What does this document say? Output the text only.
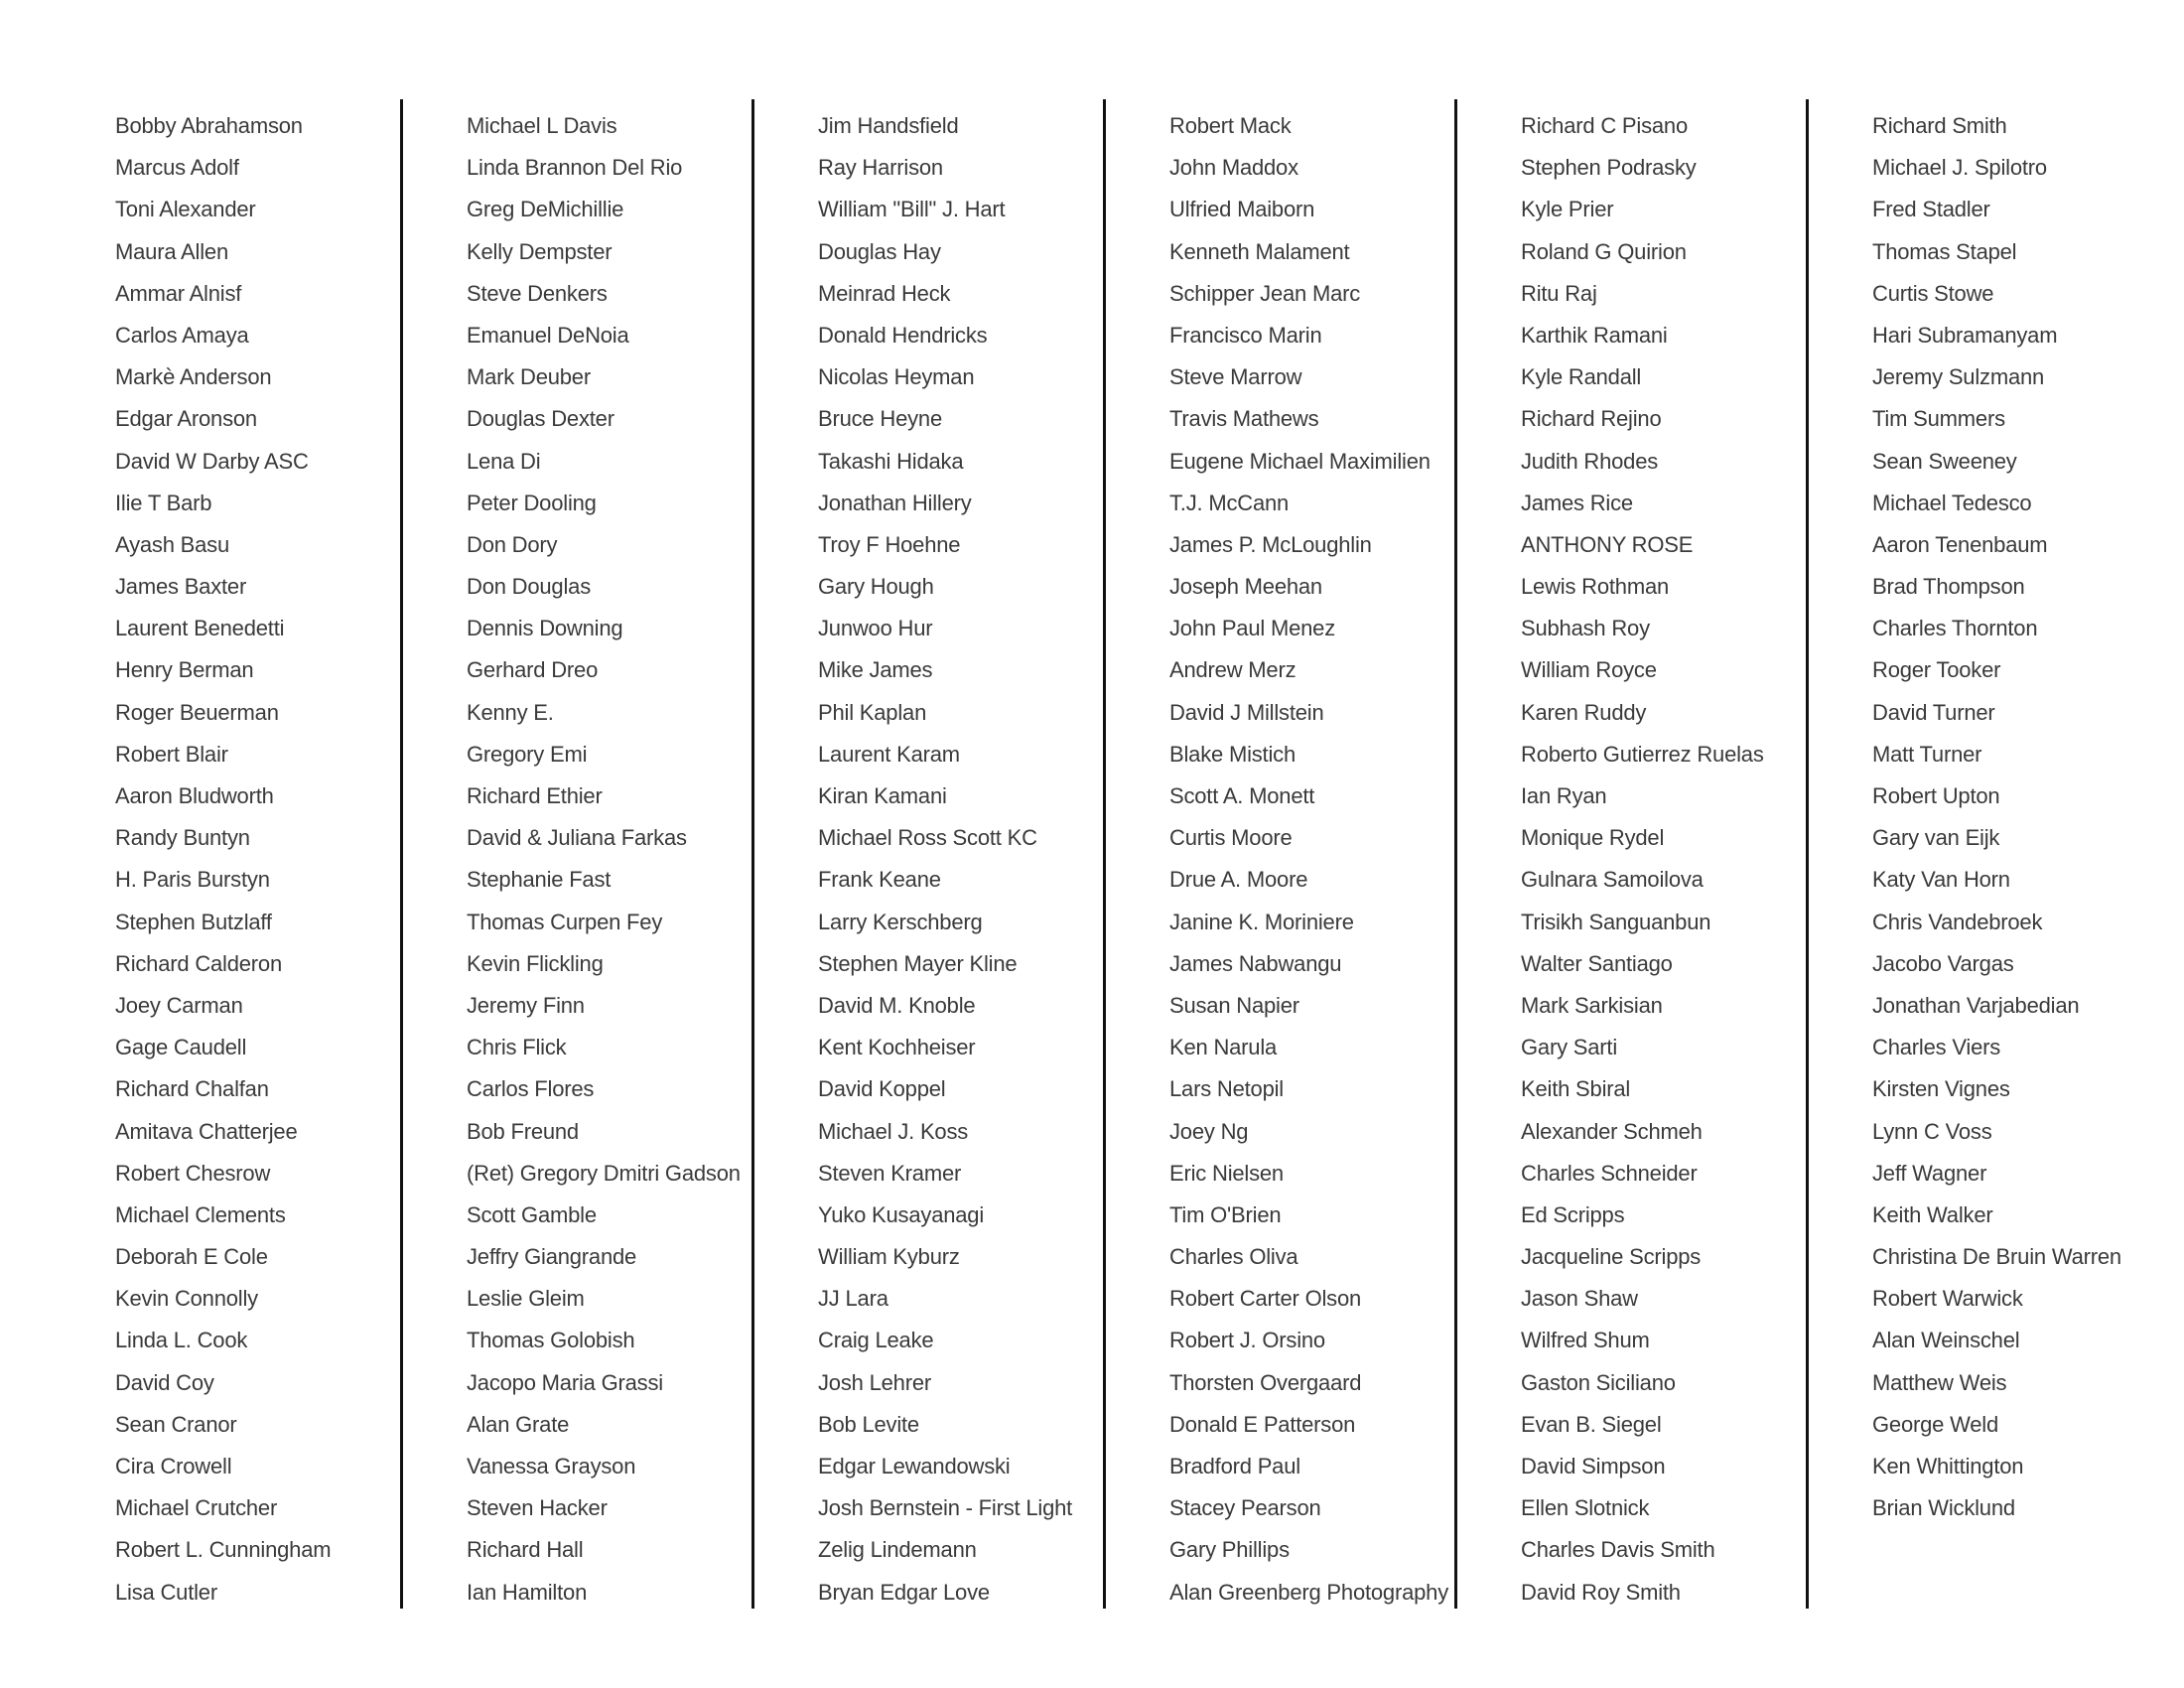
Bobby Abrahamson
Marcus Adolf
Toni Alexander
Maura Allen
Ammar Alnisf
Carlos Amaya
Markè Anderson
Edgar Aronson
David W Darby ASC
Ilie T Barb
Ayash Basu
James Baxter
Laurent Benedetti
Henry Berman
Roger Beuerman
Robert Blair
Aaron Bludworth
Randy Buntyn
H. Paris Burstyn
Stephen Butzlaff
Richard Calderon
Joey Carman
Gage Caudell
Richard Chalfan
Amitava Chatterjee
Robert Chesrow
Michael Clements
Deborah E Cole
Kevin Connolly
Linda L. Cook
David Coy
Sean Cranor
Cira Crowell
Michael Crutcher
Robert L. Cunningham
Lisa Cutler
Michael L Davis
Linda Brannon Del Rio
Greg DeMichillie
Kelly Dempster
Steve Denkers
Emanuel DeNoia
Mark Deuber
Douglas Dexter
Lena Di
Peter Dooling
Don Dory
Don Douglas
Dennis Downing
Gerhard Dreo
Kenny E.
Gregory Emi
Richard Ethier
David & Juliana Farkas
Stephanie Fast
Thomas Curpen Fey
Kevin Flickling
Jeremy Finn
Chris Flick
Carlos Flores
Bob Freund
(Ret) Gregory Dmitri Gadson
Scott Gamble
Jeffry Giangrande
Leslie Gleim
Thomas Golobish
Jacopo Maria Grassi
Alan Grate
Vanessa Grayson
Steven Hacker
Richard Hall
Ian Hamilton
Jim Handsfield
Ray Harrison
William "Bill" J. Hart
Douglas Hay
Meinrad Heck
Donald Hendricks
Nicolas Heyman
Bruce Heyne
Takashi Hidaka
Jonathan Hillery
Troy F Hoehne
Gary Hough
Junwoo Hur
Mike James
Phil Kaplan
Laurent Karam
Kiran Kamani
Michael Ross Scott KC
Frank Keane
Larry Kerschberg
Stephen Mayer Kline
David M. Knoble
Kent Kochheiser
David Koppel
Michael J. Koss
Steven Kramer
Yuko Kusayanagi
William Kyburz
JJ Lara
Craig Leake
Josh Lehrer
Bob Levite
Edgar Lewandowski
Josh Bernstein - First Light
Zelig Lindemann
Bryan Edgar Love
Robert Mack
John Maddox
Ulfried Maiborn
Kenneth Malament
Schipper Jean Marc
Francisco Marin
Steve Marrow
Travis Mathews
Eugene Michael Maximilien
T.J. McCann
James P. McLoughlin
Joseph Meehan
John Paul Menez
Andrew Merz
David J Millstein
Blake Mistich
Scott A. Monett
Curtis Moore
Drue A. Moore
Janine K. Moriniere
James Nabwangu
Susan Napier
Ken Narula
Lars Netopil
Joey Ng
Eric Nielsen
Tim O'Brien
Charles Oliva
Robert Carter Olson
Robert J. Orsino
Thorsten Overgaard
Donald E Patterson
Bradford Paul
Stacey Pearson
Gary Phillips
Alan Greenberg Photography
Richard C Pisano
Stephen Podrasky
Kyle Prier
Roland G Quirion
Ritu Raj
Karthik Ramani
Kyle Randall
Richard Rejino
Judith Rhodes
James Rice
ANTHONY ROSE
Lewis Rothman
Subhash Roy
William Royce
Karen Ruddy
Roberto Gutierrez Ruelas
Ian Ryan
Monique Rydel
Gulnara Samoilova
Trisikh Sanguanbun
Walter Santiago
Mark Sarkisian
Gary Sarti
Keith Sbiral
Alexander Schmeh
Charles Schneider
Ed Scripps
Jacqueline Scripps
Jason Shaw
Wilfred Shum
Gaston Siciliano
Evan B. Siegel
David Simpson
Ellen Slotnick
Charles Davis Smith
David Roy Smith
Richard Smith
Michael J. Spilotro
Fred Stadler
Thomas Stapel
Curtis Stowe
Hari Subramanyam
Jeremy Sulzmann
Tim Summers
Sean Sweeney
Michael Tedesco
Aaron Tenenbaum
Brad Thompson
Charles Thornton
Roger Tooker
David Turner
Matt Turner
Robert Upton
Gary van Eijk
Katy Van Horn
Chris Vandebroek
Jacobo Vargas
Jonathan Varjabedian
Charles Viers
Kirsten Vignes
Lynn C Voss
Jeff Wagner
Keith Walker
Christina De Bruin Warren
Robert Warwick
Alan Weinschel
Matthew Weis
George Weld
Ken Whittington
Brian Wicklund
